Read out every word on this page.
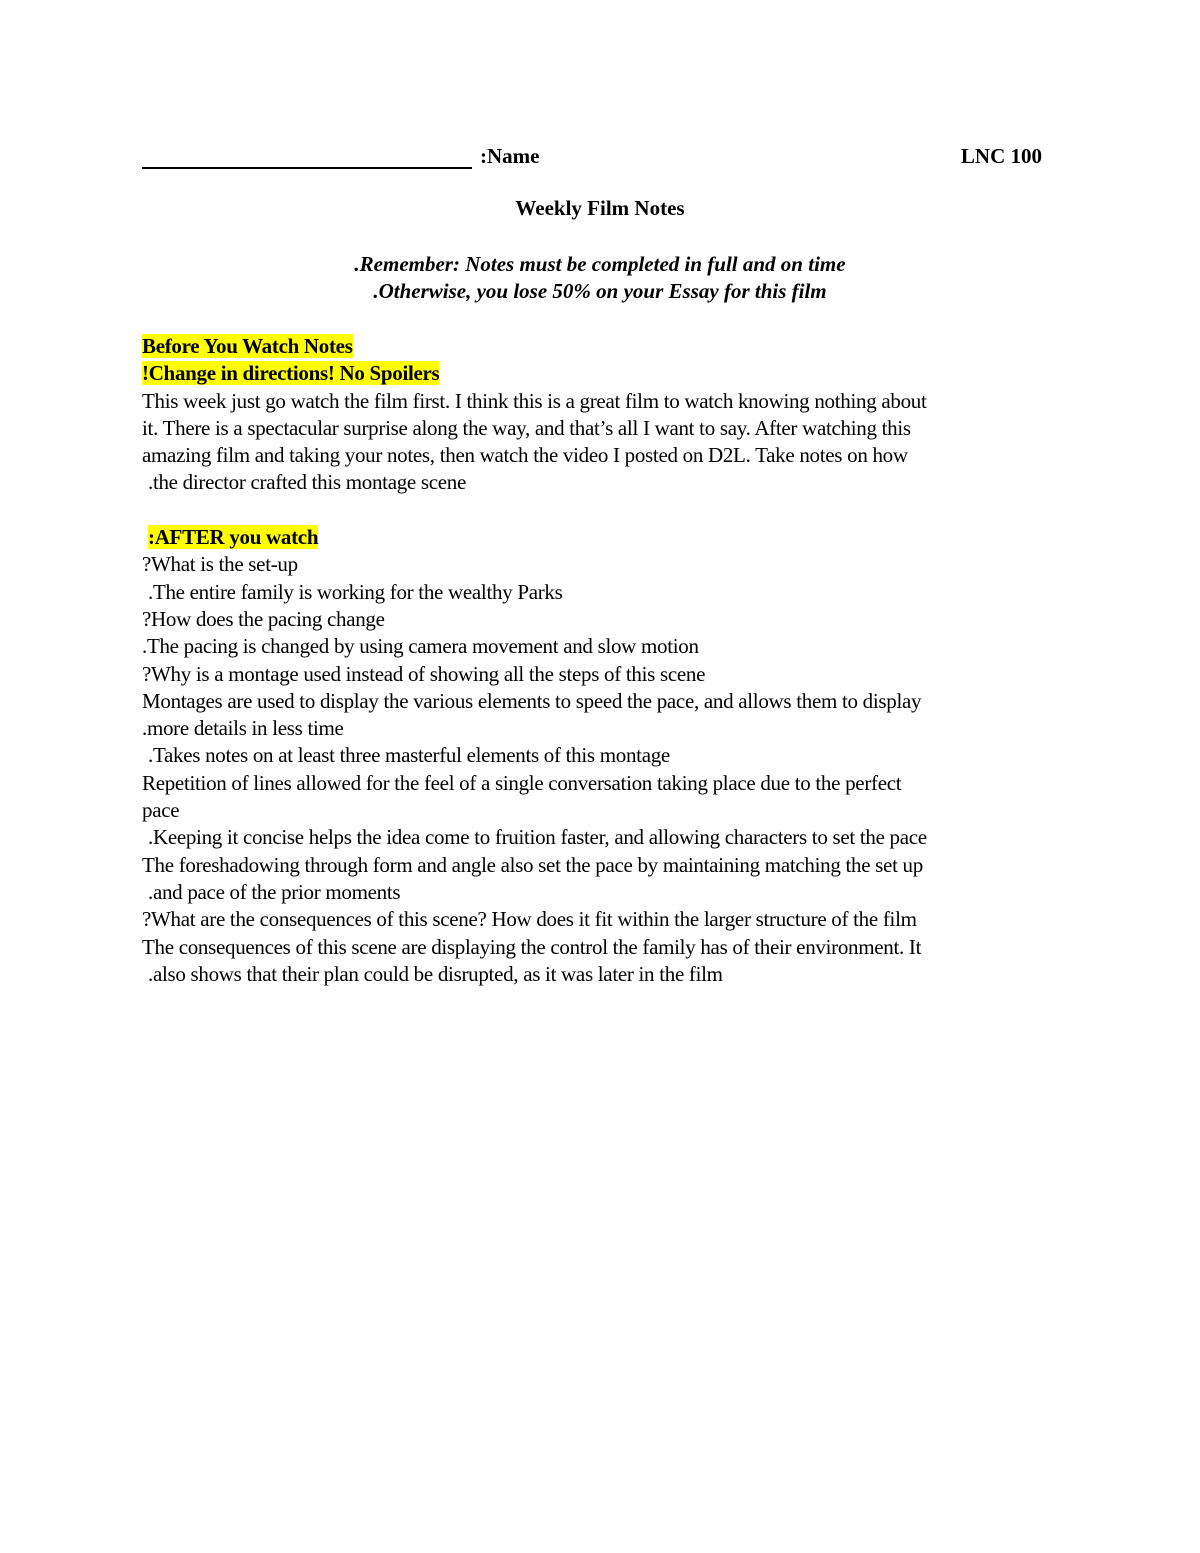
:Name	LNC 100
Weekly Film Notes
.Remember: Notes must be completed in full and on time
.Otherwise, you lose 50% on your Essay for this film
Before You Watch Notes
!Change in directions! No Spoilers
This week just go watch the film first. I think this is a great film to watch knowing nothing about
it. There is a spectacular surprise along the way, and that’s all I want to say. After watching this
amazing film and taking your notes, then watch the video I posted on D2L. Take notes on how
.the director crafted this montage scene
:AFTER you watch
?What is the set-up
.The entire family is working for the wealthy Parks
?How does the pacing change
.The pacing is changed by using camera movement and slow motion
?Why is a montage used instead of showing all the steps of this scene
Montages are used to display the various elements to speed the pace, and allows them to display
.more details in less time
.Takes notes on at least three masterful elements of this montage
Repetition of lines allowed for the feel of a single conversation taking place due to the perfect
pace
.Keeping it concise helps the idea come to fruition faster, and allowing characters to set the pace
The foreshadowing through form and angle also set the pace by maintaining matching the set up
.and pace of the prior moments
?What are the consequences of this scene? How does it fit within the larger structure of the film
The consequences of this scene are displaying the control the family has of their environment. It
.also shows that their plan could be disrupted, as it was later in the film
